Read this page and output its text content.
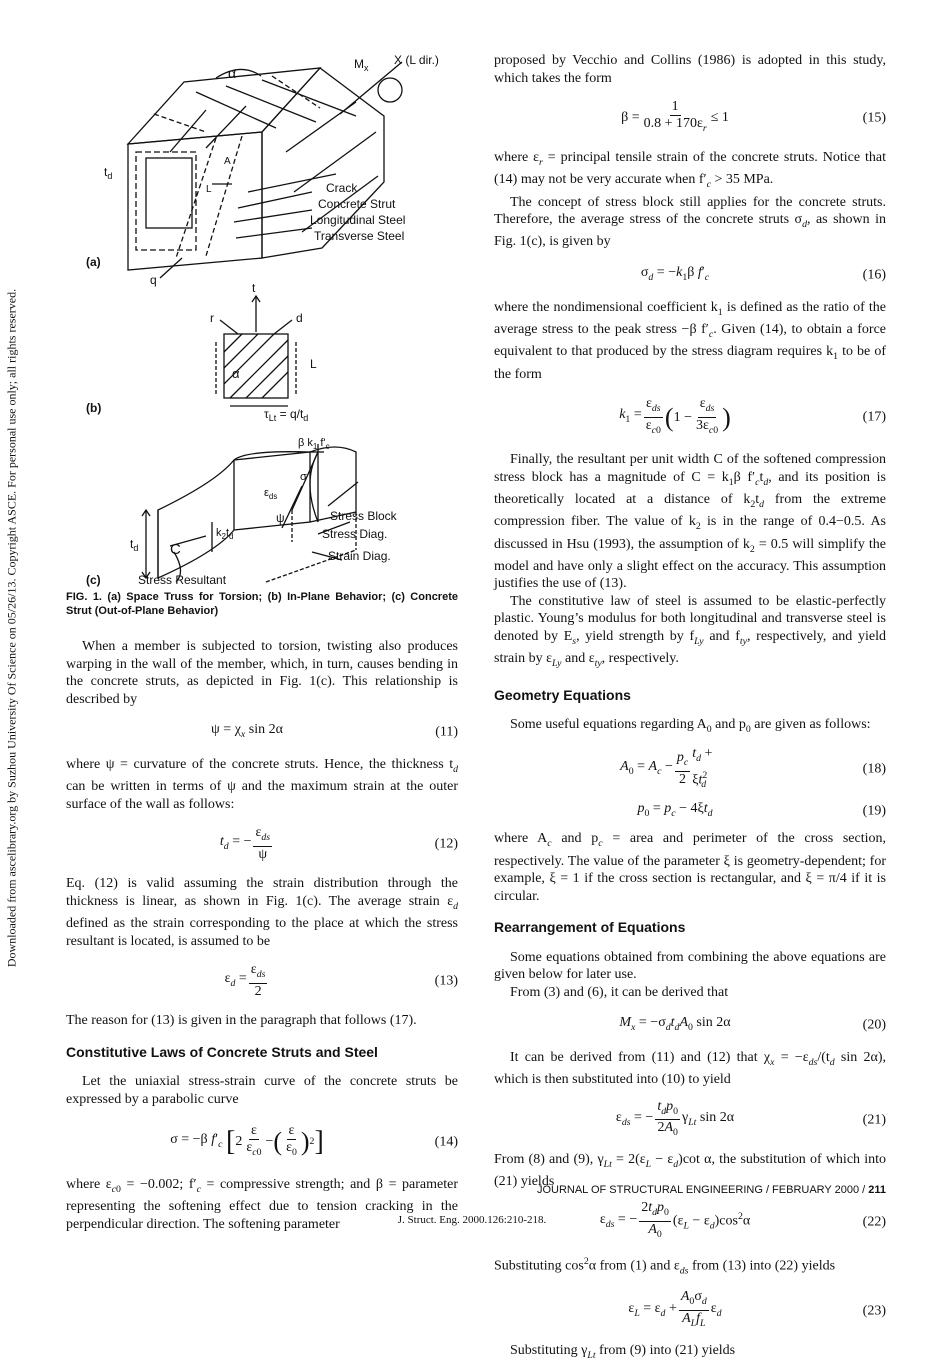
Downloaded from ascelibrary.org by Suzhou University Of Science on 05/26/13. Copyright ASCE. For personal use only; all rights reserved.
α
$M_x$
X (L dir.)
$t_d$
A
L	Crack
Concrete Strut
Longitudinal Steel
Transverse Steel
q
(a)
t
r	d
L
α
$\tau_{Lt} = q/t_d$
(b)
β $k_1$ $f'_c$
$\varepsilon_{ds}$
σ
ψ
$t_d$ C
$k_2t_d$
Stress Block
Stress Diag.
Strain Diag.
Stress Resultant
(c)

FIG. 1. (a) Space Truss for Torsion; (b) In-Plane Behavior; (c) Concrete Strut (Out-of-Plane Behavior)

When a member is subjected to torsion, twisting also produces warping in the wall of the member, which, in turn, causes bending in the concrete struts, as depicted in Fig. 1(c). This relationship is described by

$\psi = \chi_x$ sin 2α	(11)

where ψ = curvature of the concrete struts. Hence, the thickness $t_d$ can be written in terms of ψ and the maximum strain at the outer surface of the wall as follows:

$t_d$ = − $\frac{\varepsilon_{ds}}{\psi}$	(12)

Eq. (12) is valid assuming the strain distribution through the thickness is linear, as shown in Fig. 1(c). The average strain $\varepsilon_d$ defined as the strain corresponding to the place at which the stress resultant is located, is assumed to be

$\varepsilon_d = \frac{\varepsilon_{ds}}{2}$	(13)

The reason for (13) is given in the paragraph that follows (17).

Constitutive Laws of Concrete Struts and Steel

Let the uniaxial stress-strain curve of the concrete struts be expressed by a parabolic curve

σ = −β $f'_c$ [ $2 \frac{\varepsilon}{\varepsilon_{c0}}$ − ( $\frac{\varepsilon}{\varepsilon_0}$ ) 2 ]	(14)

where $\varepsilon_{c0} = -0.002$; $f'_c$ = compressive strength; and β = parameter representing the softening effect due to tension cracking in the perpendicular direction. The softening parameter

proposed by Vecchio and Collins (1986) is adopted in this study, which takes the form

$\beta = \frac{1}{0.8 + 170\varepsilon_r} \le 1$	(15)

where $\varepsilon_r$ = principal tensile strain of the concrete struts. Notice that (14) may not be very accurate when $f'_c > 35$ MPa.

The concept of stress block still applies for the concrete struts. Therefore, the average stress of the concrete struts $\sigma_d$, as shown in Fig. 1(c), is given by

$\sigma_d = -k_1\beta$ $f'_c$	(16)

where the nondimensional coefficient $k_1$ is defined as the ratio of the average stress to the peak stress −β $f'_c$. Given (14), to obtain a force equivalent to that produced by the stress diagram requires $k_1$ to be of the form

$k_1 = \frac{\varepsilon_{ds}}{\varepsilon_{c0}}$ ( $1 - \frac{\varepsilon_{ds}}{3\varepsilon_{c0}}$ )	(17)

Finally, the resultant per unit width C of the softened compression stress block has a magnitude of $C = k_1\beta$ $f'_ct_d$, and its position is theoretically located at a distance of $k_2t_d$ from the extreme compression fiber. The value of $k_2$ is in the range of 0.4−0.5. As discussed in Hsu (1993), the assumption of $k_2 = 0.5$ will simplify the model and have only a slight effect on the accuracy. This assumption justifies the use of (13).

The constitutive law of steel is assumed to be elastic-perfectly plastic. Young’s modulus for both longitudinal and transverse steel is denoted by $E_s$, yield strength by $f_{Ly}$ and $f_{ty}$, respectively, and yield strain by $\varepsilon_{Ly}$ and $\varepsilon_{ty}$, respectively.

Geometry Equations

Some useful equations regarding $A_0$ and $p_0$ are given as follows:

$A_0 = A_c - \frac{p_c}{2} t_d + \xi t^2_d$
(18)
$p_0 = p_c - 4\xi t_d$	(19)

where $A_c$ and $p_c$ = area and perimeter of the cross section, respectively. The value of the parameter ξ is geometry-dependent; for example, ξ = 1 if the cross section is rectangular, and ξ = π/4 if it is circular.

Rearrangement of Equations

Some equations obtained from combining the above equations are given below for later use.

From (3) and (6), it can be derived that

$M_x = -\sigma_dt_dA_0$ sin 2α	(20)

It can be derived from (11) and (12) that $\chi_x = -\varepsilon_{ds}/(t_d$ sin 2α), which is then substituted into (10) to yield

$\varepsilon_{ds}$ = − $\frac{t_dp_0}{2A_0} \gamma_{Lt}$ sin 2α	(21)

From (8) and (9), $\gamma_{Lt} = 2(\varepsilon_L - \varepsilon_d)\cot$ α, the substitution of which into (21) yields

$\varepsilon_{ds}$ = − $\frac{2t_dp_0}{A_0} (\varepsilon_L - \varepsilon_d)\cos^2\alpha$	(22)

Substituting $\cos^2\alpha$ from (1) and $\varepsilon_{ds}$ from (13) into (22) yields

$\varepsilon_L = \varepsilon_d + \frac{A_0\sigma_d}{A_Lf_L} \varepsilon_d$	(23)

Substituting $\gamma_{Lt}$ from (9) into (21) yields

JOURNAL OF STRUCTURAL ENGINEERING / FEBRUARY 2000 / 211
J. Struct. Eng. 2000.126:210-218.
